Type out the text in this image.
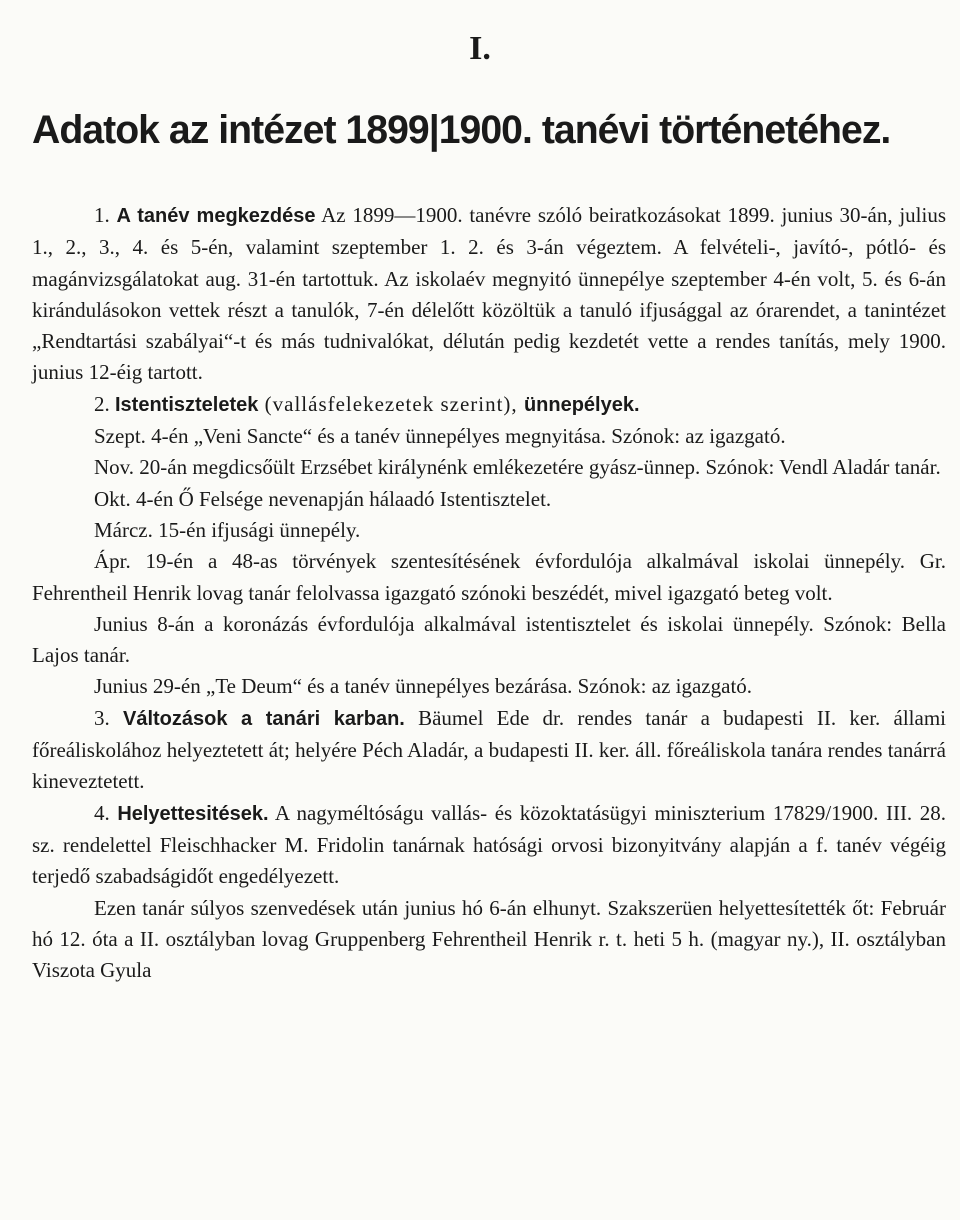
I.
Adatok az intézet 1899|1900. tanévi történetéhez.

1. A tanév megkezdése Az 1899—1900. tanévre szóló beiratkozásokat 1899. junius 30-án, julius 1., 2., 3., 4. és 5-én, valamint szeptember 1. 2. és 3-án végeztem. A felvételi-, javító-, pótló- és magánvizsgálatokat aug. 31-én tartottuk. Az iskolaév megnyitó ünnepélye szeptember 4-én volt, 5. és 6-án kirándulásokon vettek részt a tanulók, 7-én délelőtt közöltük a tanuló ifjusággal az órarendet, a tanintézet „Rendtartási szabályai“-t és más tudnivalókat, délután pedig kezdetét vette a rendes tanítás, mely 1900. junius 12-éig tartott.

2. Istentiszteletek (vallásfelekezetek szerint), ünnepélyek.

Szept. 4-én „Veni Sancte“ és a tanév ünnepélyes megnyitása. Szónok: az igazgató.

Nov. 20-án megdicsőült Erzsébet királynénk emlékezetére gyász-ünnep. Szónok: Vendl Aladár tanár.

Okt. 4-én Ő Felsége nevenapján hálaadó Istentisztelet.

Márcz. 15-én ifjusági ünnepély.

Ápr. 19-én a 48-as törvények szentesítésének évfordulója alkalmával iskolai ünnepély. Gr. Fehrentheil Henrik lovag tanár felolvassa igazgató szónoki beszédét, mivel igazgató beteg volt.

Junius 8-án a koronázás évfordulója alkalmával istentisztelet és iskolai ünnepély. Szónok: Bella Lajos tanár.

Junius 29-én „Te Deum“ és a tanév ünnepélyes bezárása. Szónok: az igazgató.

3. Változások a tanári karban. Bäumel Ede dr. rendes tanár a budapesti II. ker. állami főreáliskolához helyeztetett át; helyére Péch Aladár, a budapesti II. ker. áll. főreáliskola tanára rendes tanárrá kineveztetett.

4. Helyettesitések. A nagyméltóságu vallás- és közoktatásügyi miniszterium 17829/1900. III. 28. sz. rendelettel Fleischhacker M. Fridolin tanárnak hatósági orvosi bizonyitvány alapján a f. tanév végéig terjedő szabadságidőt engedélyezett.

Ezen tanár súlyos szenvedések után junius hó 6-án elhunyt. Szakszerüen helyettesítették őt: Február hó 12. óta a II. osztályban lovag Gruppenberg Fehrentheil Henrik r. t. heti 5 h. (magyar ny.), II. osztályban Viszota Gyula
